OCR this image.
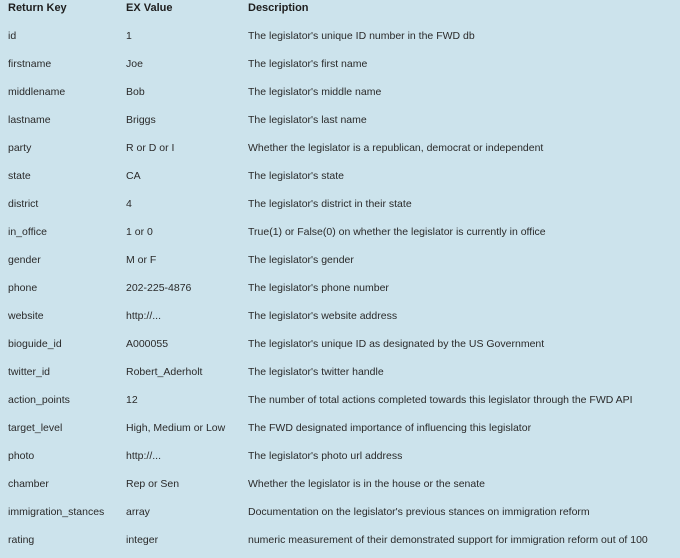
Return Key	EX Value	Description
id	1	The legislator's unique ID number in the FWD db
firstname	Joe	The legislator's first name
middlename	Bob	The legislator's middle name
lastname	Briggs	The legislator's last name
party	R or D or I	Whether the legislator is a republican, democrat or independent
state	CA	The legislator's state
district	4	The legislator's district in their state
in_office	1 or 0	True(1) or False(0) on whether the legislator is currently in office
gender	M or F	The legislator's gender
phone	202-225-4876	The legislator's phone number
website	http://...	The legislator's website address
bioguide_id	A000055	The legislator's unique ID as designated by the US Government
twitter_id	Robert_Aderholt	The legislator's twitter handle
action_points	12	The number of total actions completed towards this legislator through the FWD API
target_level	High, Medium or Low	The FWD designated importance of influencing this legislator
photo	http://...	The legislator's photo url address
chamber	Rep or Sen	Whether the legislator is in the house or the senate
immigration_stances	array	Documentation on the legislator's previous stances on immigration reform
rating	integer	numeric measurement of their demonstrated support for immigration reform out of 100
